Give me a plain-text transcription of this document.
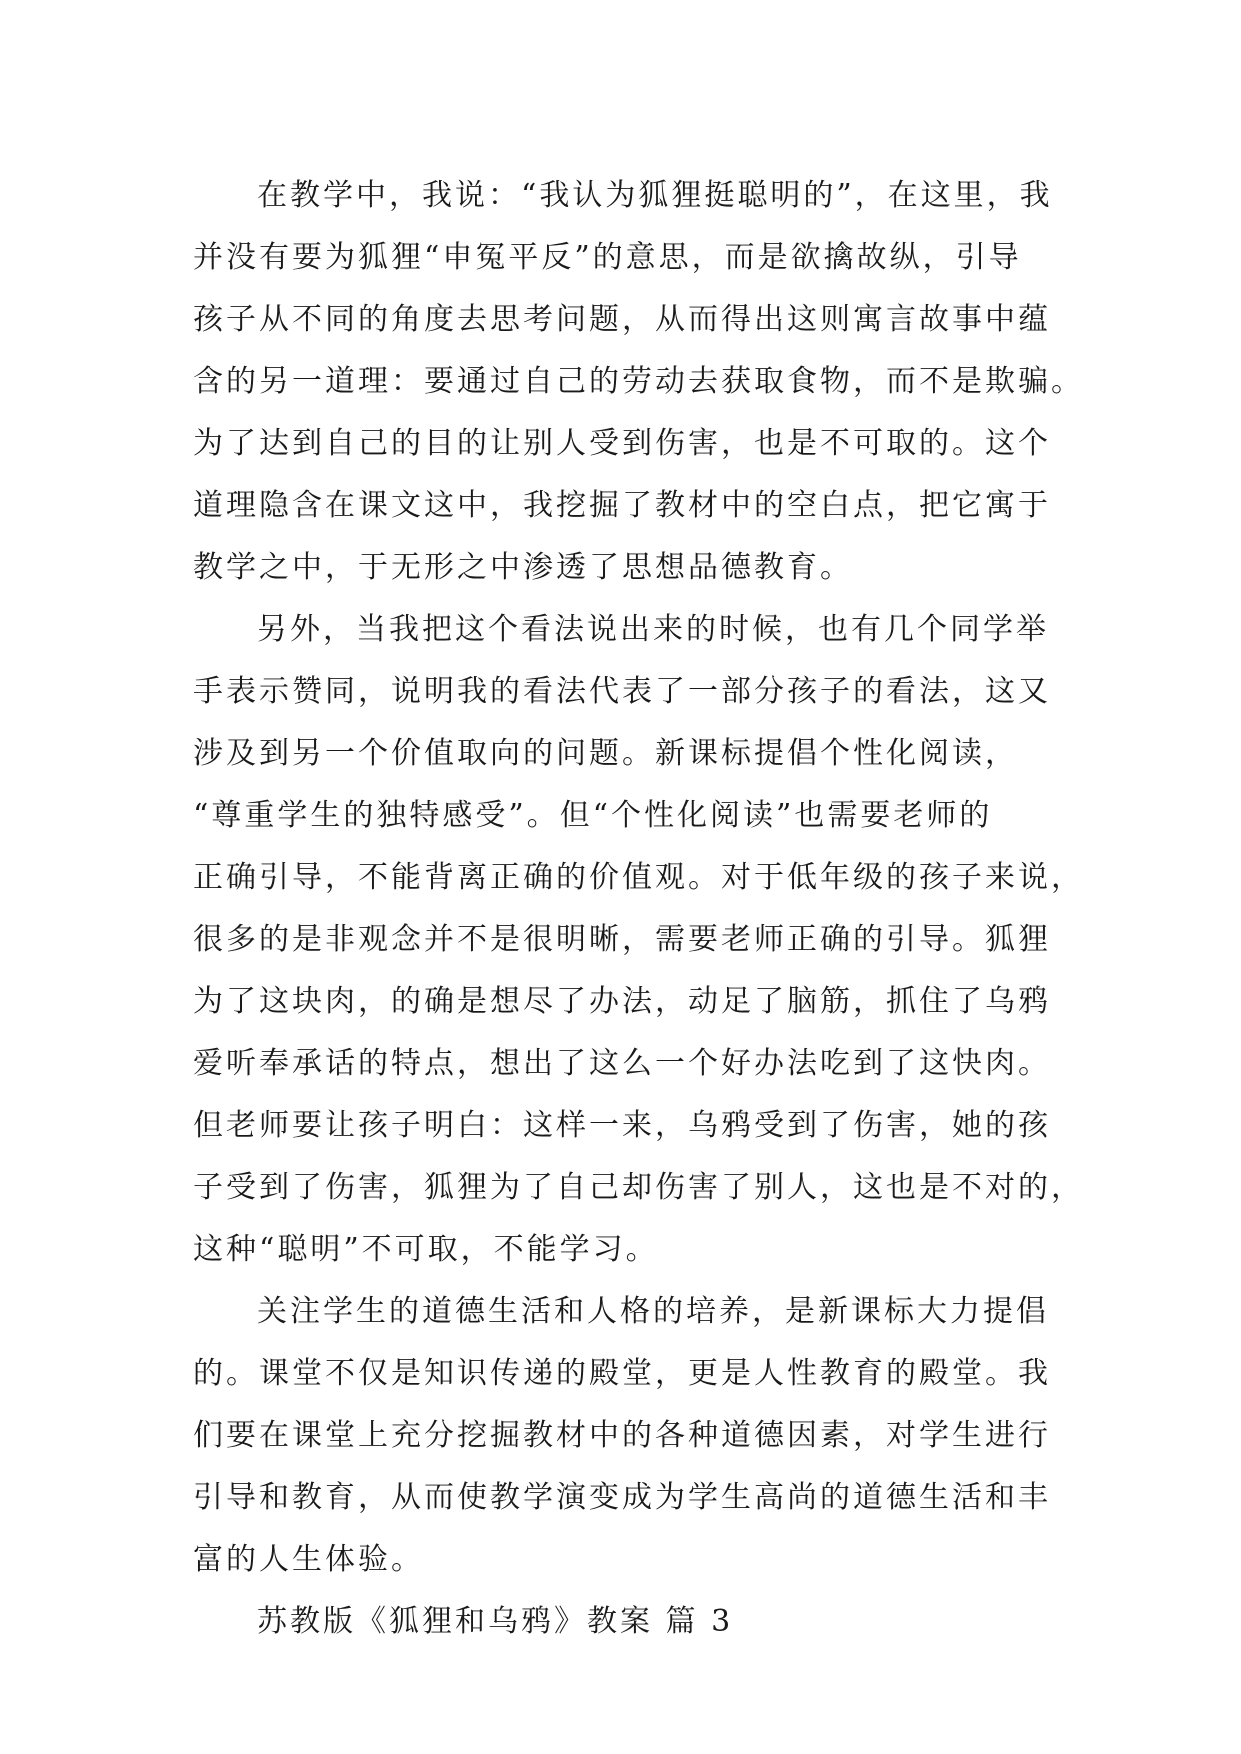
在教学中，我说：“我认为狐狸挺聪明的”，在这里，我
并没有要为狐狸“申冤平反”的意思，而是欲擒故纵，引导
孩子从不同的角度去思考问题，从而得出这则寓言故事中蕴
含的另一道理：要通过自己的劳动去获取食物，而不是欺骗。
为了达到自己的目的让别人受到伤害，也是不可取的。这个
道理隐含在课文这中，我挖掘了教材中的空白点，把它寓于
教学之中，于无形之中渗透了思想品德教育。
另外，当我把这个看法说出来的时候，也有几个同学举
手表示赞同，说明我的看法代表了一部分孩子的看法，这又
涉及到另一个价值取向的问题。新课标提倡个性化阅读，
“尊重学生的独特感受”。但“个性化阅读”也需要老师的
正确引导，不能背离正确的价值观。对于低年级的孩子来说，
很多的是非观念并不是很明晰，需要老师正确的引导。狐狸
为了这块肉，的确是想尽了办法，动足了脑筋，抓住了乌鸦
爱听奉承话的特点，想出了这么一个好办法吃到了这快肉。
但老师要让孩子明白：这样一来，乌鸦受到了伤害，她的孩
子受到了伤害，狐狸为了自己却伤害了别人，这也是不对的，
这种“聪明”不可取，不能学习。
关注学生的道德生活和人格的培养，是新课标大力提倡
的。课堂不仅是知识传递的殿堂，更是人性教育的殿堂。我
们要在课堂上充分挖掘教材中的各种道德因素，对学生进行
引导和教育，从而使教学演变成为学生高尚的道德生活和丰
富的人生体验。
苏教版《狐狸和乌鸦》教案 篇 3
